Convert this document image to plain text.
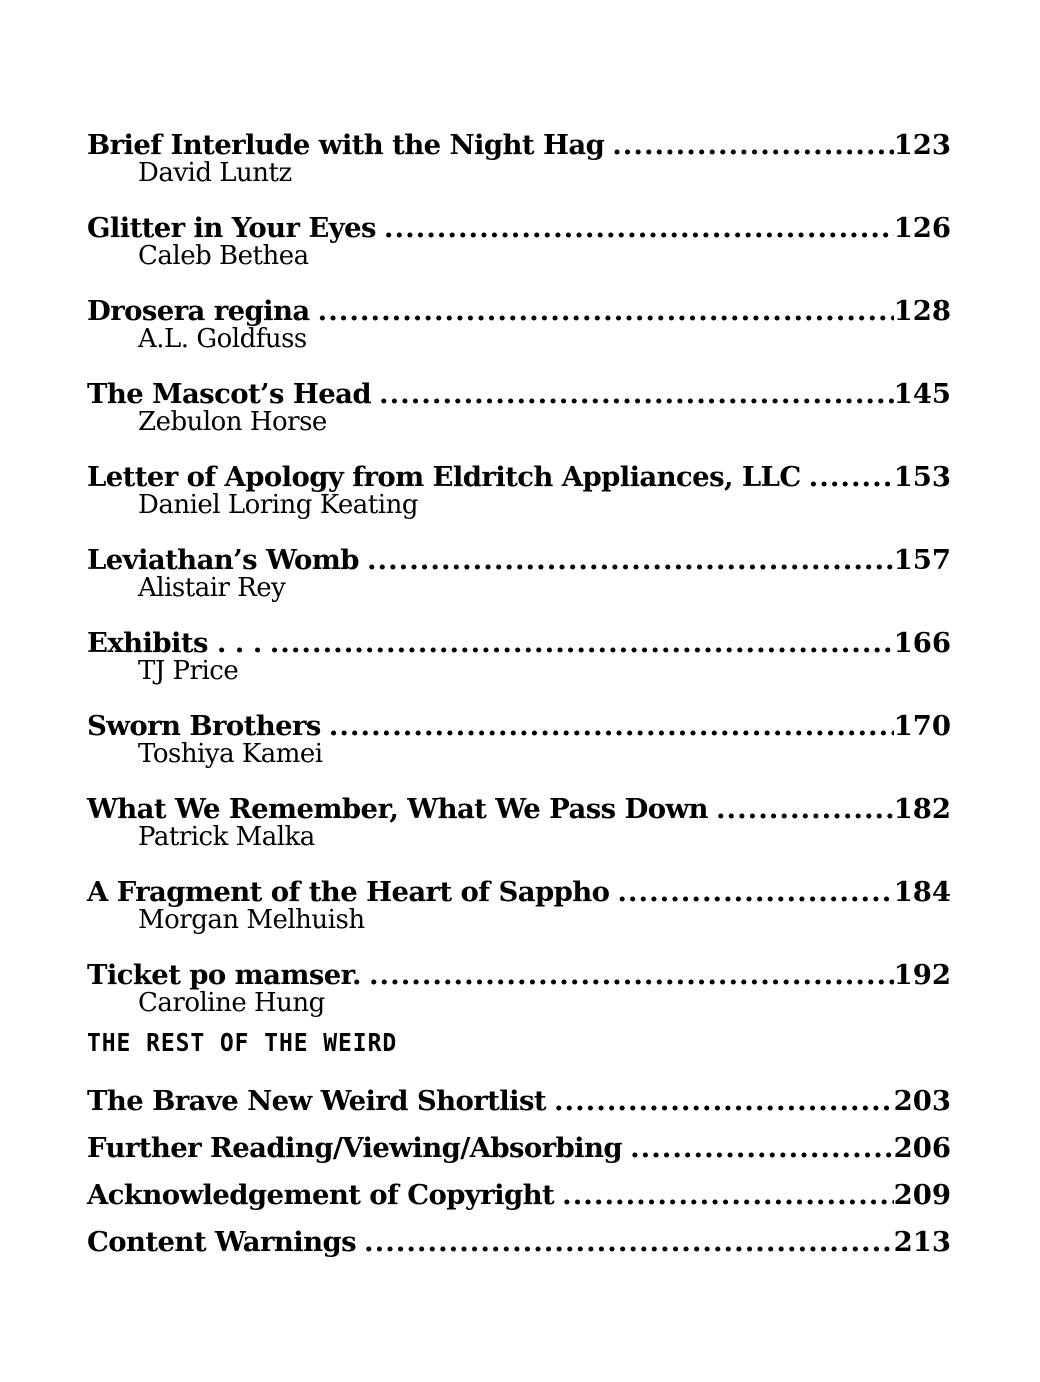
Brief Interlude with the Night Hag .....	123
David Luntz
Glitter in Your Eyes .....	126
Caleb Bethea
Drosera regina .....	128
A.L. Goldfuss
The Mascot’s Head .....	145
Zebulon Horse
Letter of Apology from Eldritch Appliances, LLC .....	153
Daniel Loring Keating
Leviathan’s Womb .....	157
Alistair Rey
Exhibits . . . .....	166
TJ Price
Sworn Brothers .....	170
Toshiya Kamei
What We Remember, What We Pass Down .....	182
Patrick Malka
A Fragment of the Heart of Sappho .....	184
Morgan Melhuish
Ticket po mamser. .....	192
Caroline Hung
THE REST OF THE WEIRD
The Brave New Weird Shortlist .....	203
Further Reading/Viewing/Absorbing .....	206
Acknowledgement of Copyright .....	209
Content Warnings .....	213
